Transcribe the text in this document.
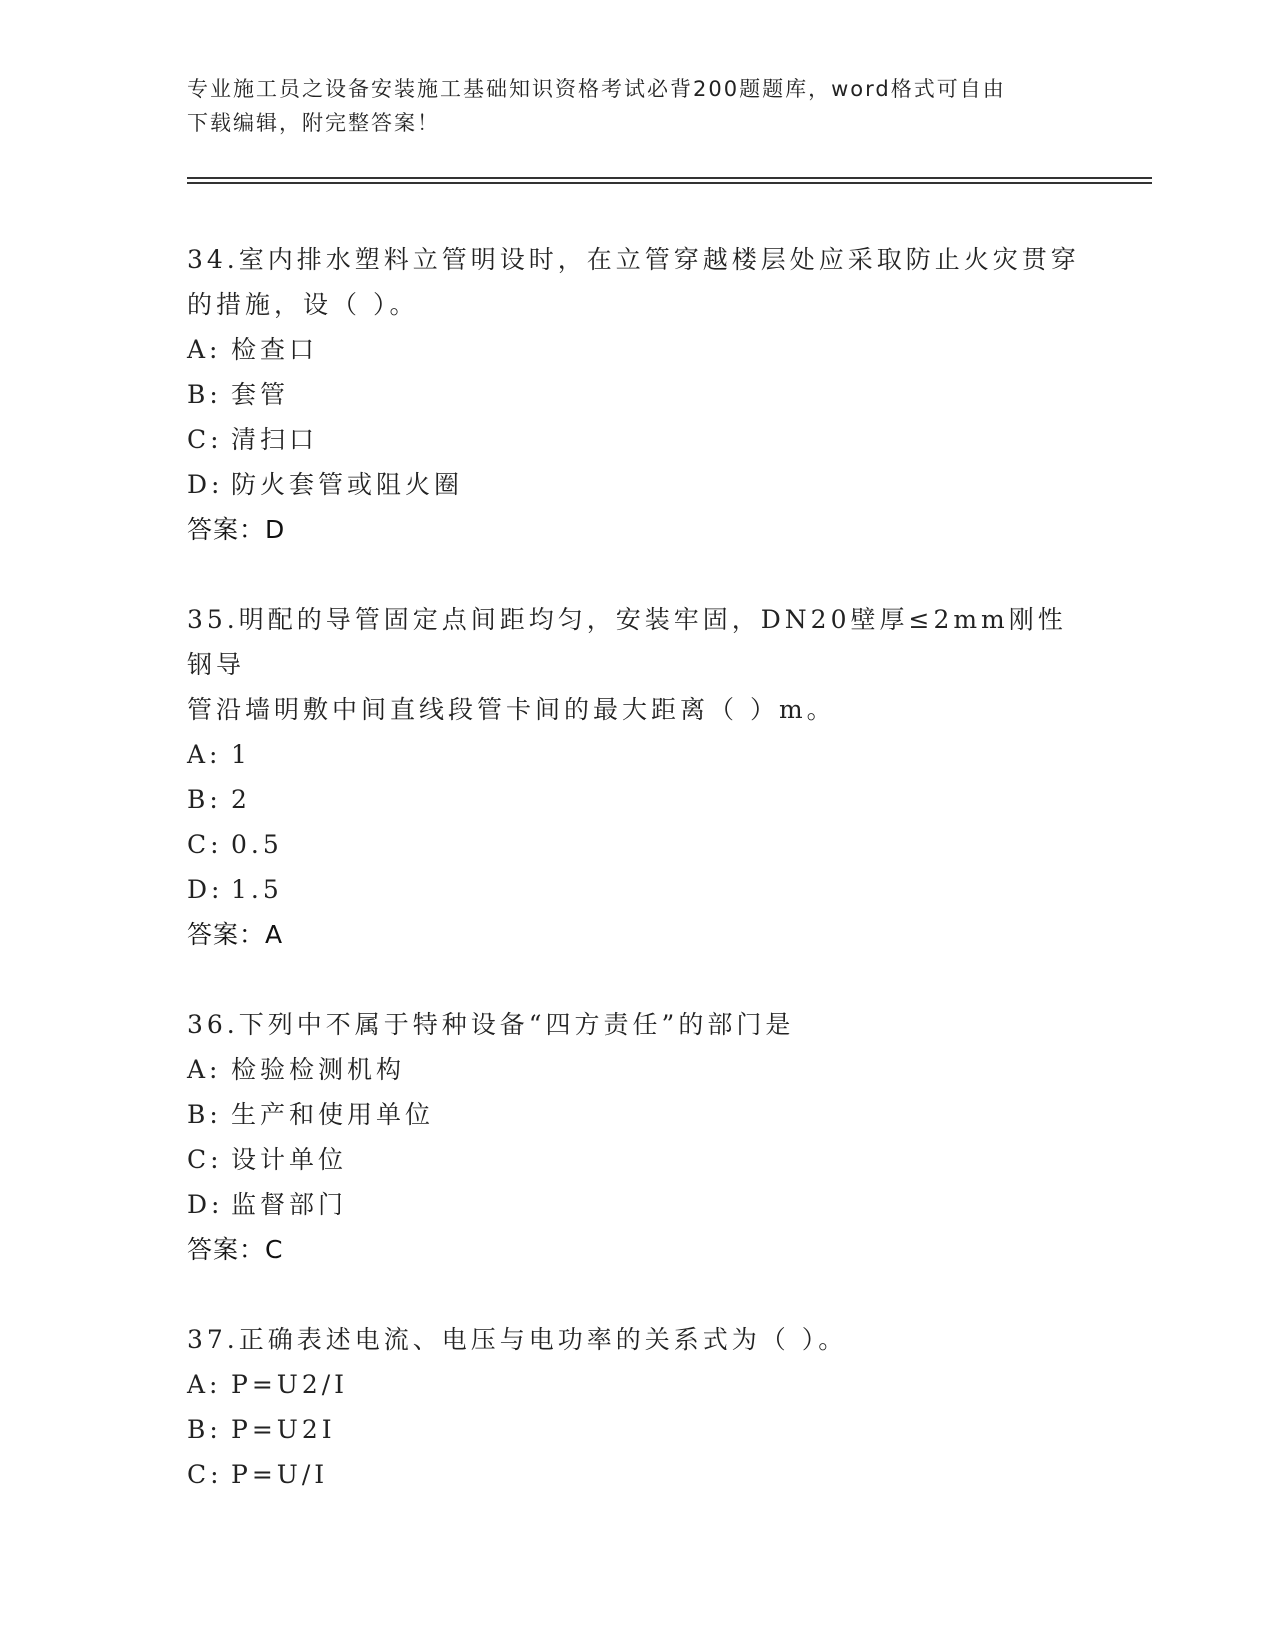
专业施工员之设备安装施工基础知识资格考试必背200题题库，word格式可自由
下载编辑，附完整答案！
34.室内排水塑料立管明设时，在立管穿越楼层处应采取防止火灾贯穿
的措施，设（ ）。
A: 检查口
B: 套管
C: 清扫口
D: 防火套管或阻火圈
答案：D
35.明配的导管固定点间距均匀，安装牢固，DN20壁厚≤2mm刚性钢导
管沿墙明敷中间直线段管卡间的最大距离（ ）m。
A: 1
B: 2
C: 0.5
D: 1.5
答案：A
36.下列中不属于特种设备“四方责任”的部门是
A: 检验检测机构
B: 生产和使用单位
C: 设计单位
D: 监督部门
答案：C
37.正确表述电流、电压与电功率的关系式为（ ）。
A: P=U2/I
B: P=U2I
C: P=U/I
